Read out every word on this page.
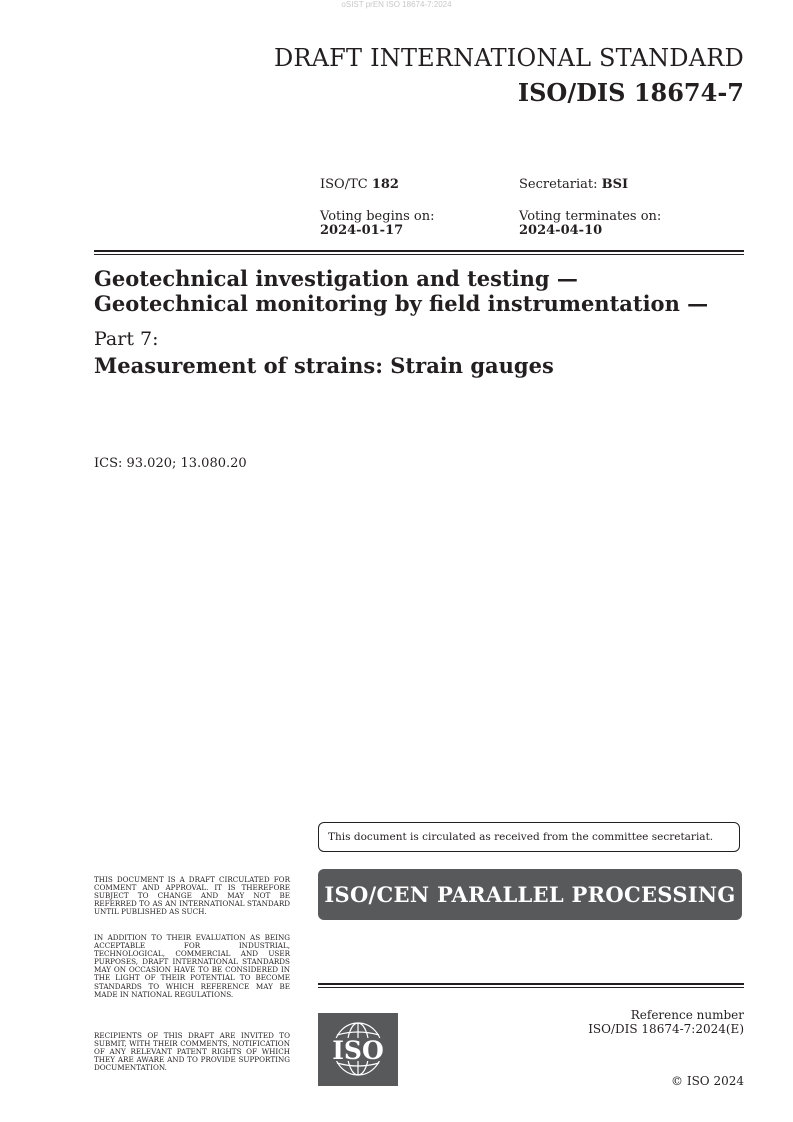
oSIST prEN ISO 18674-7:2024
DRAFT INTERNATIONAL STANDARD
ISO/DIS 18674-7
ISO/TC 182	Secretariat: BSI
Voting begins on:
2024-01-17
Voting terminates on:
2024-04-10
Geotechnical investigation and testing — Geotechnical monitoring by field instrumentation —
Part 7:
Measurement of strains: Strain gauges
ICS: 93.020; 13.080.20
This document is circulated as received from the committee secretariat.
ISO/CEN PARALLEL PROCESSING
THIS DOCUMENT IS A DRAFT CIRCULATED FOR COMMENT AND APPROVAL. IT IS THEREFORE SUBJECT TO CHANGE AND MAY NOT BE REFERRED TO AS AN INTERNATIONAL STANDARD UNTIL PUBLISHED AS SUCH.
IN ADDITION TO THEIR EVALUATION AS BEING ACCEPTABLE FOR INDUSTRIAL, TECHNOLOGICAL, COMMERCIAL AND USER PURPOSES, DRAFT INTERNATIONAL STANDARDS MAY ON OCCASION HAVE TO BE CONSIDERED IN THE LIGHT OF THEIR POTENTIAL TO BECOME STANDARDS TO WHICH REFERENCE MAY BE MADE IN NATIONAL REGULATIONS.
RECIPIENTS OF THIS DRAFT ARE INVITED TO SUBMIT, WITH THEIR COMMENTS, NOTIFICATION OF ANY RELEVANT PATENT RIGHTS OF WHICH THEY ARE AWARE AND TO PROVIDE SUPPORTING DOCUMENTATION.
ISO
Reference number
ISO/DIS 18674-7:2024(E)
© ISO 2024
